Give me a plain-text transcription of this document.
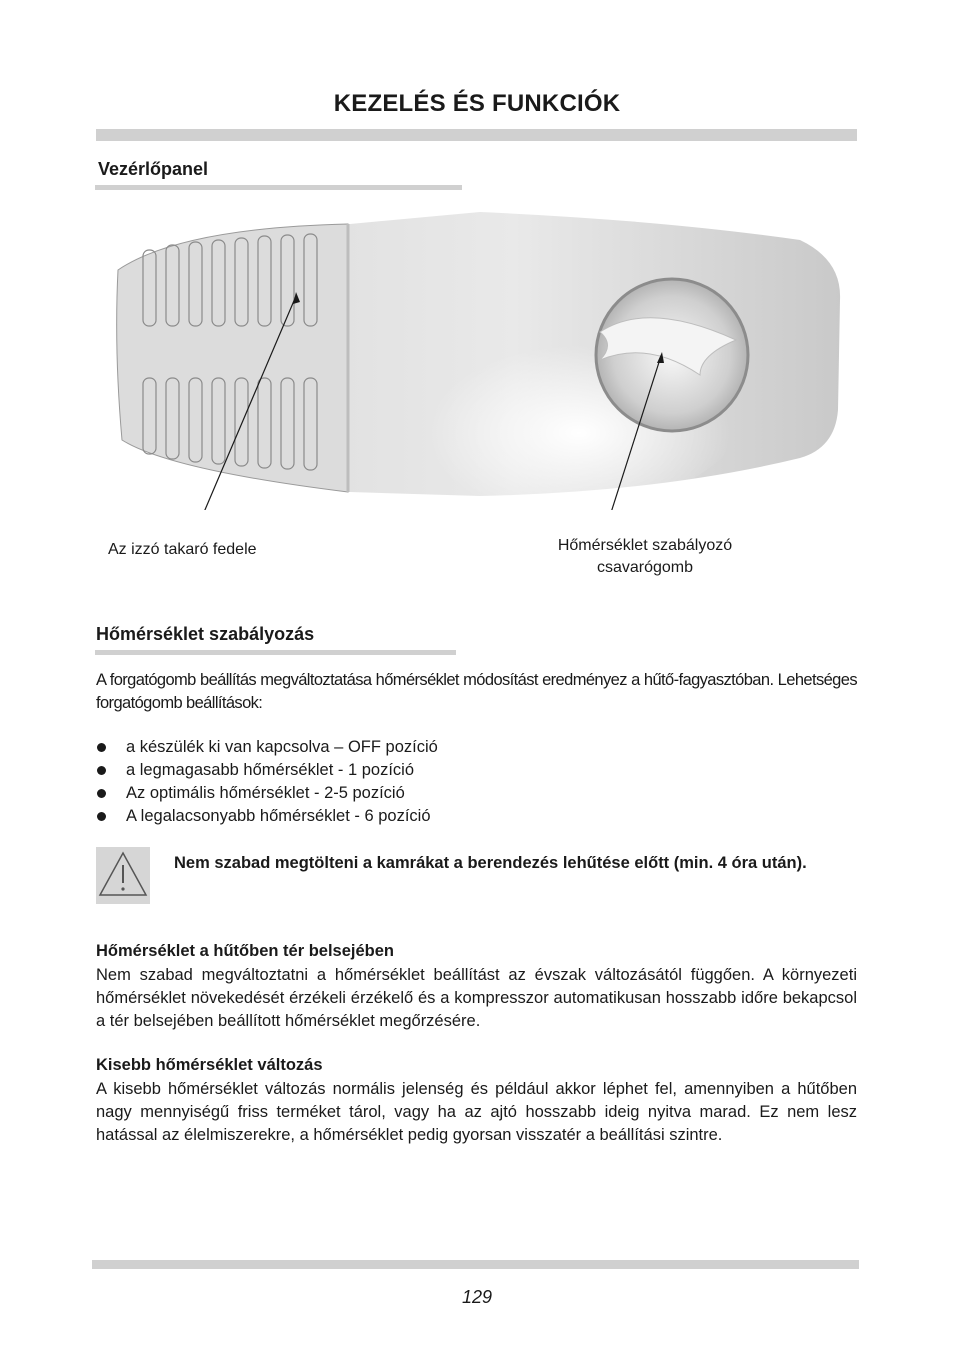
KEZELÉS ÉS FUNKCIÓK
Vezérlőpanel
Az izzó takaró fedele	Hőmérséklet szabályozó
csavarógomb
Hőmérséklet szabályozás
A forgatógomb beállítás megváltoztatása hőmérséklet módosítást eredményez a hűtő-fagyasztóban. Lehetséges forgatógomb beállítások:
a készülék ki van kapcsolva – OFF pozíció
a legmagasabb hőmérséklet - 1 pozíció
Az optimális hőmérséklet - 2-5 pozíció
A legalacsonyabb hőmérséklet - 6 pozíció
Nem szabad megtölteni a kamrákat a berendezés lehűtése előtt (min. 4 óra után).
Hőmérséklet a hűtőben tér belsejében
Nem szabad megváltoztatni a hőmérséklet beállítást az évszak változásától függően. A környezeti hőmérséklet növekedését érzékeli érzékelő és a kompresszor automatikusan hosszabb időre bekapcsol a tér belsejében beállított hőmérséklet megőrzésére.
Kisebb hőmérséklet változás
A kisebb hőmérséklet változás normális jelenség és például akkor léphet fel, amennyiben a hűtőben nagy mennyiségű friss terméket tárol, vagy ha az ajtó hosszabb ideig nyitva marad. Ez nem lesz hatással az élelmiszerekre, a hőmérséklet pedig gyorsan visszatér a beállítási szintre.
129
